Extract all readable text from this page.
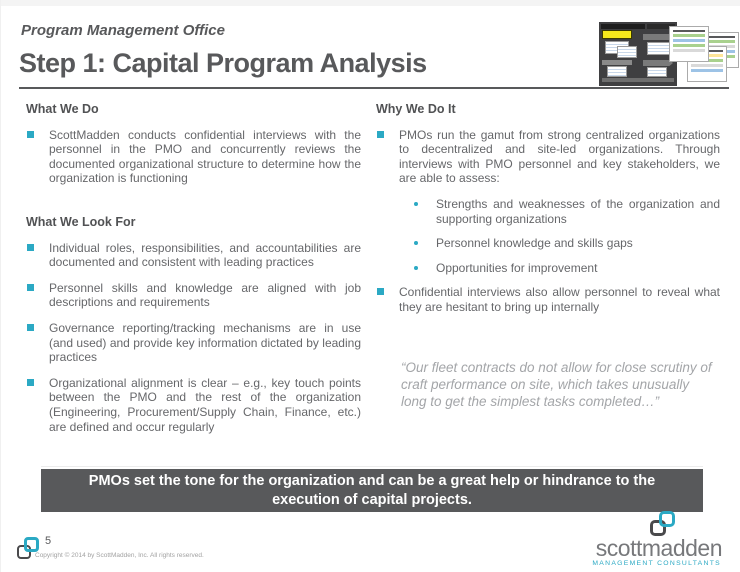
Program Management Office
Step 1: Capital Program Analysis
What We Do
ScottMadden conducts confidential interviews with the personnel in the PMO and concurrently reviews the documented organizational structure to determine how the organization is functioning
What We Look For
Individual roles, responsibilities, and accountabilities are documented and consistent with leading practices
Personnel skills and knowledge are aligned with job descriptions and requirements
Governance reporting/tracking mechanisms are in use (and used) and provide key information dictated by leading practices
Organizational alignment is clear – e.g., key touch points between the PMO and the rest of the organization (Engineering, Procurement/Supply Chain, Finance, etc.) are defined and occur regularly
Why We Do It
PMOs run the gamut from strong centralized organizations to decentralized and site-led organizations. Through interviews with PMO personnel and key stakeholders, we are able to assess:
Strengths and weaknesses of the organization and supporting organizations
Personnel knowledge and skills gaps
Opportunities for improvement
Confidential interviews also allow personnel to reveal what they are hesitant to bring up internally
“Our fleet contracts do not allow for close scrutiny of craft performance on site, which takes unusually long to get the simplest tasks completed…”
PMOs set the tone for the organization and can be a great help or hindrance to the execution of capital projects.
5
Copyright © 2014 by ScottMadden, Inc. All rights reserved.	scottmadden
MANAGEMENT CONSULTANTS
